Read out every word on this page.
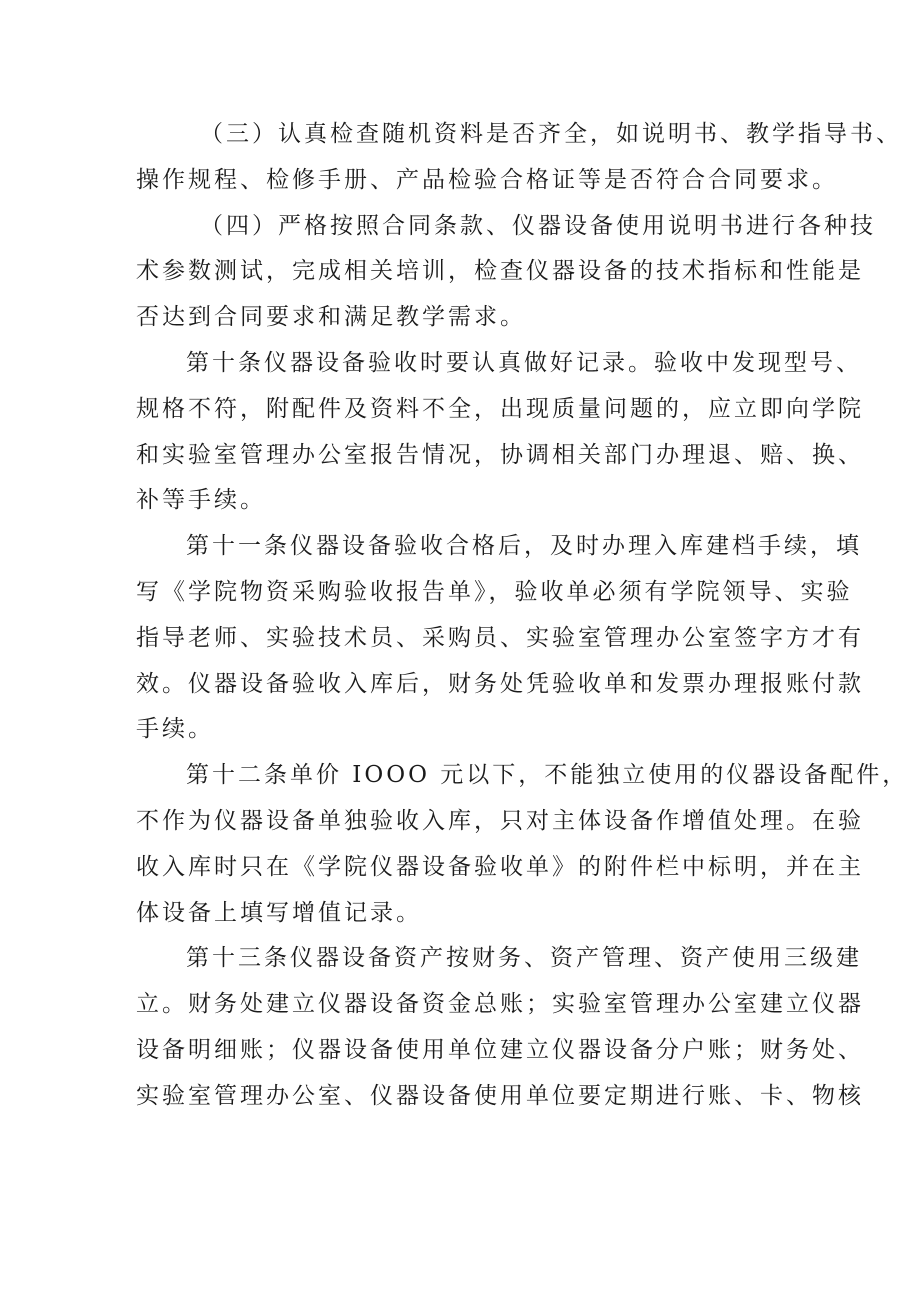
（三）认真检查随机资料是否齐全，如说明书、教学指导书、
操作规程、检修手册、产品检验合格证等是否符合合同要求。
（四）严格按照合同条款、仪器设备使用说明书进行各种技
术参数测试，完成相关培训，检查仪器设备的技术指标和性能是
否达到合同要求和满足教学需求。
第十条仪器设备验收时要认真做好记录。验收中发现型号、
规格不符，附配件及资料不全，出现质量问题的，应立即向学院
和实验室管理办公室报告情况，协调相关部门办理退、赔、换、
补等手续。
第十一条仪器设备验收合格后，及时办理入库建档手续，填
写《学院物资采购验收报告单》，验收单必须有学院领导、实验
指导老师、实验技术员、采购员、实验室管理办公室签字方才有
效。仪器设备验收入库后，财务处凭验收单和发票办理报账付款
手续。
第十二条单价 IOOO 元以下，不能独立使用的仪器设备配件，
不作为仪器设备单独验收入库，只对主体设备作增值处理。在验
收入库时只在《学院仪器设备验收单》的附件栏中标明，并在主
体设备上填写增值记录。
第十三条仪器设备资产按财务、资产管理、资产使用三级建
立。财务处建立仪器设备资金总账；实验室管理办公室建立仪器
设备明细账；仪器设备使用单位建立仪器设备分户账；财务处、
实验室管理办公室、仪器设备使用单位要定期进行账、卡、物核
